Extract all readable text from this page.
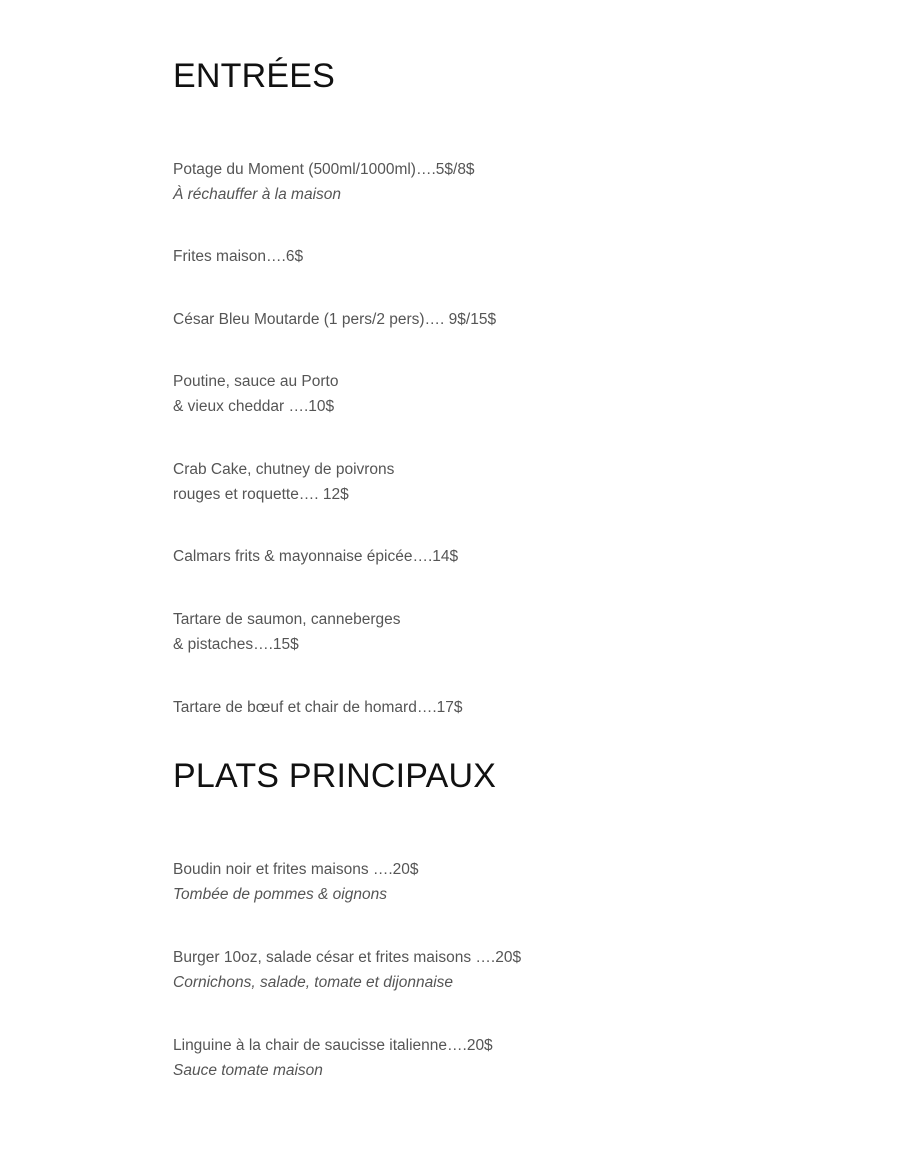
ENTRÉES
Potage du Moment (500ml/1000ml)….5$/8$
À réchauffer à la maison
Frites maison….6$
César Bleu Moutarde (1 pers/2 pers)…. 9$/15$
Poutine, sauce au Porto
& vieux cheddar ….10$
Crab Cake, chutney de poivrons
rouges et roquette…. 12$
Calmars frits & mayonnaise épicée….14$
Tartare de saumon, canneberges
& pistaches….15$
Tartare de bœuf et chair de homard….17$
PLATS PRINCIPAUX
Boudin noir et frites maisons ….20$
Tombée de pommes & oignons
Burger 10oz, salade césar et frites maisons ….20$
Cornichons, salade, tomate et dijonnaise
Linguine à la chair de saucisse italienne….20$
Sauce tomate maison
